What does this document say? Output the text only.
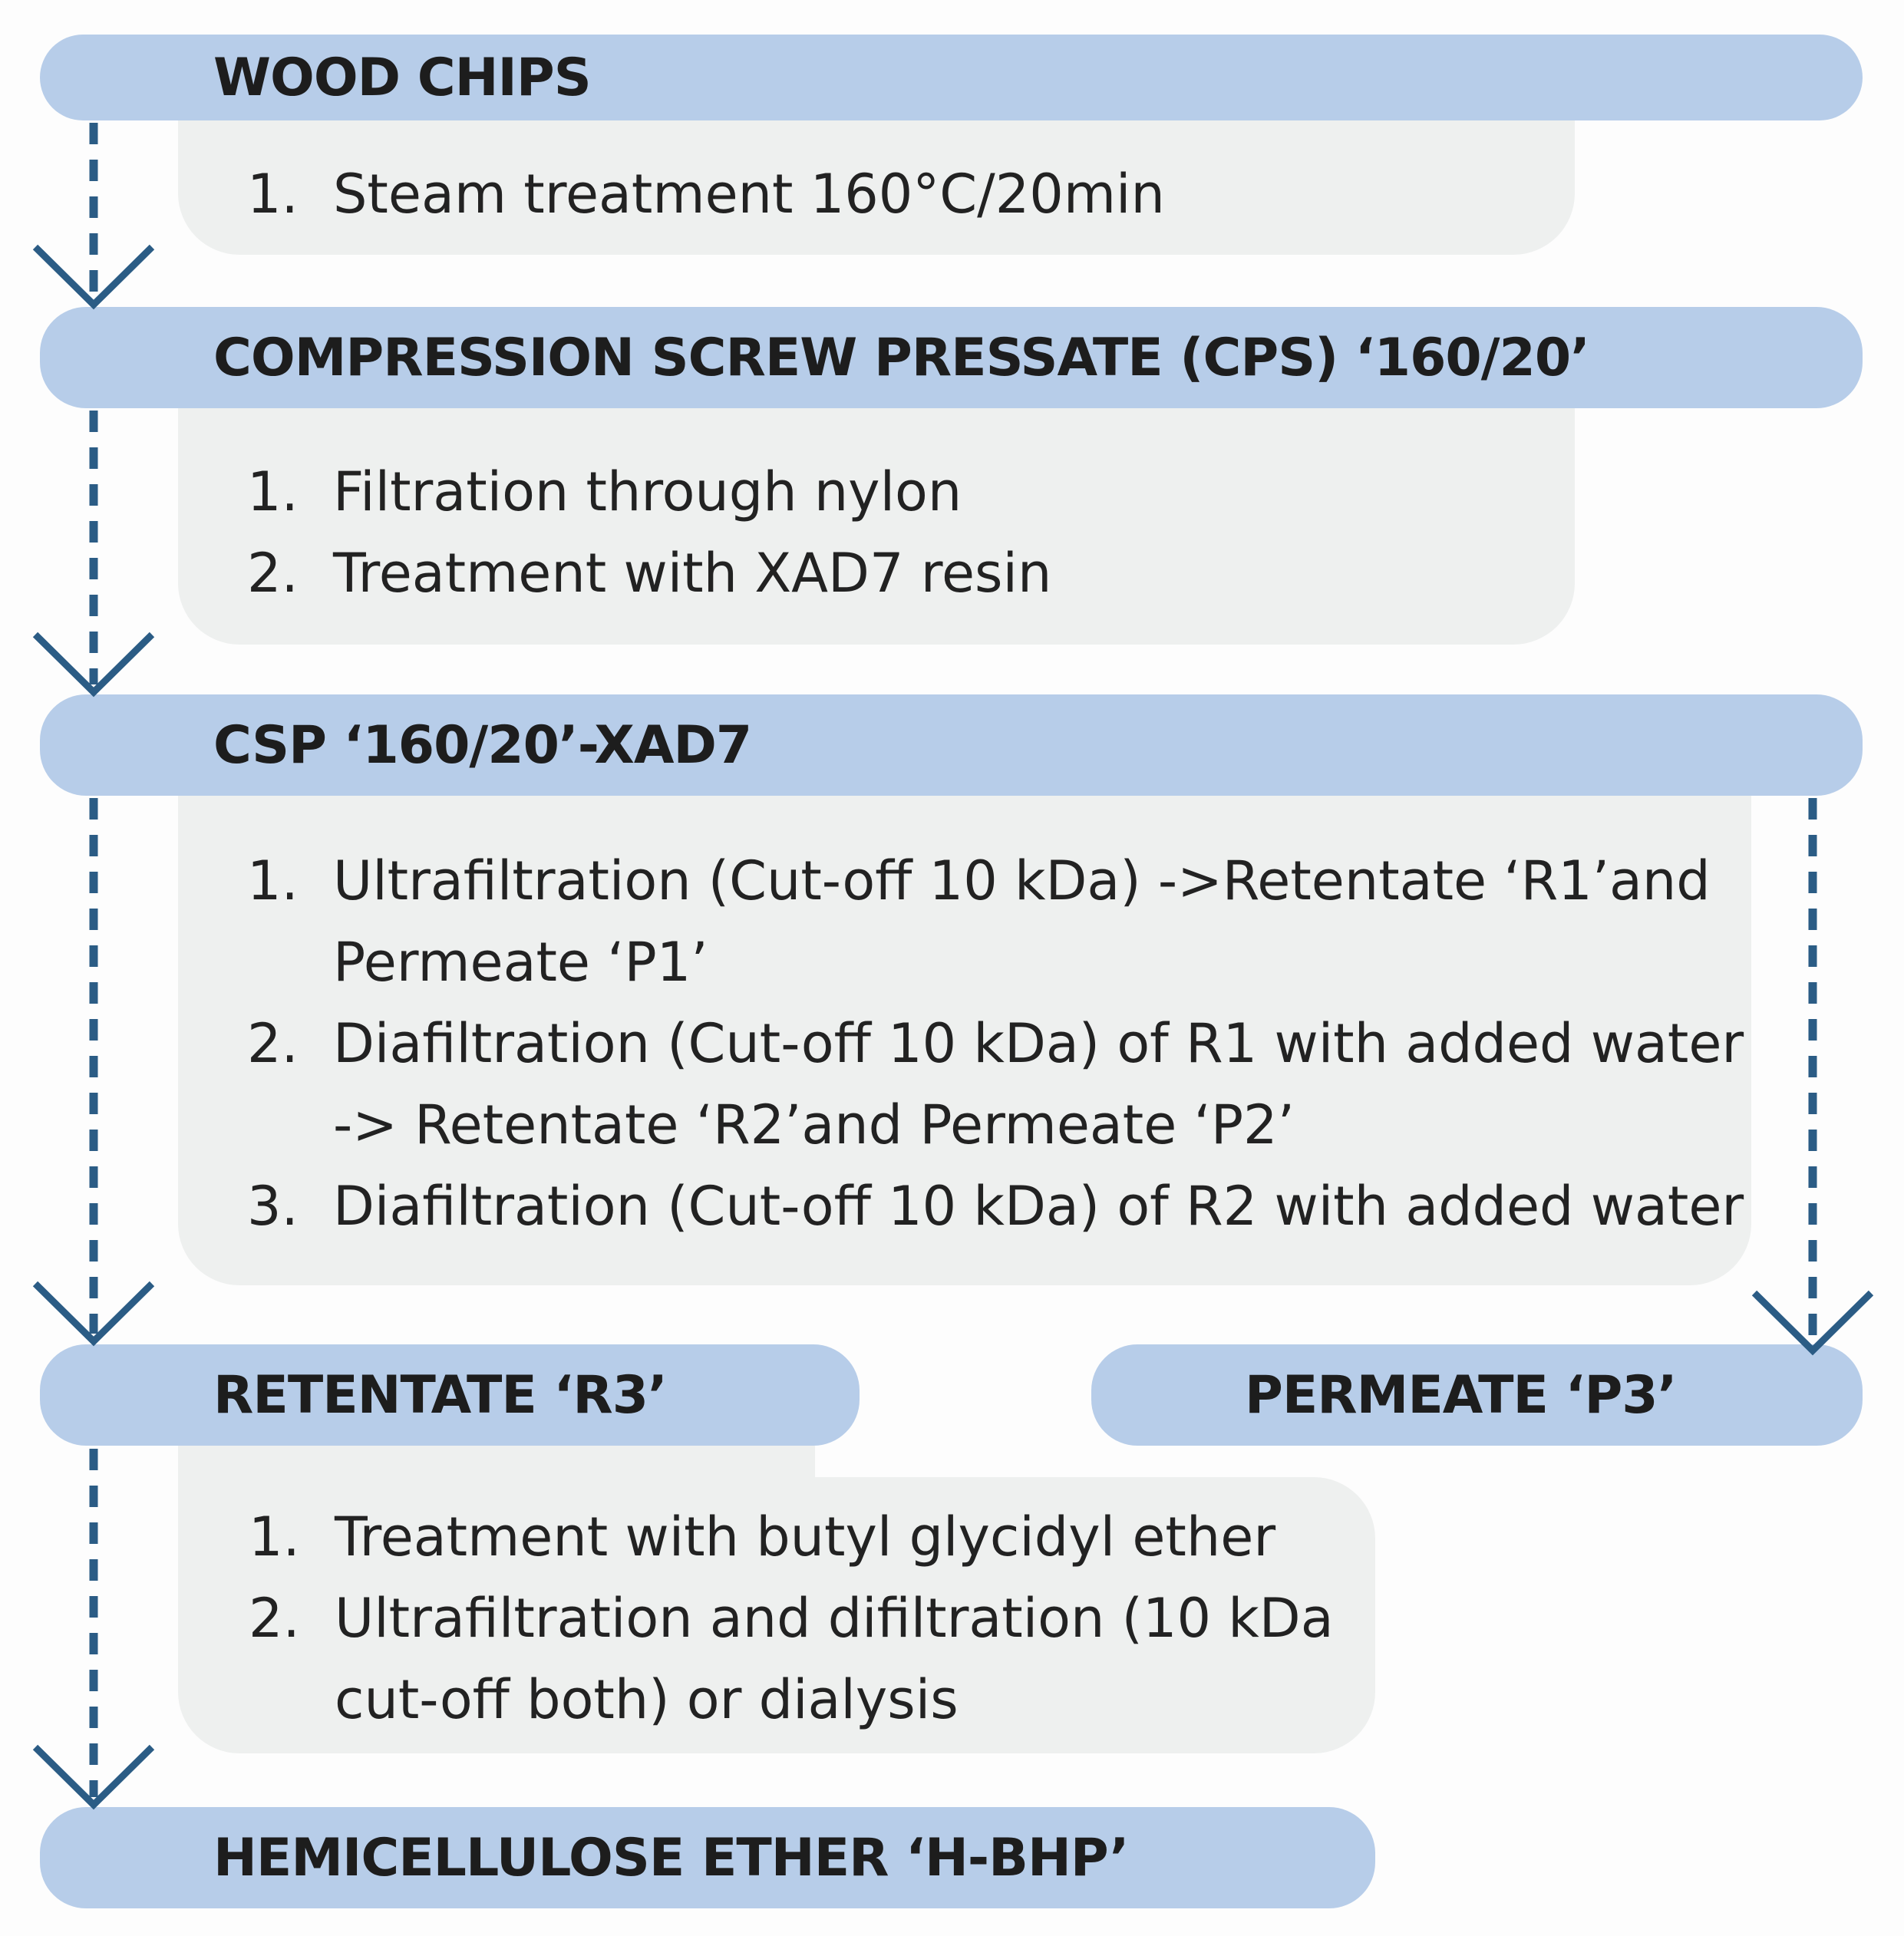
1. Steam treatment 160°C/20min
1. Filtration through nylon
2. Treatment with XAD7 resin
1. Ultrafiltration (Cut-off 10 kDa) ->Retentate ‘R1’and
Permeate ‘P1’
2. Diafiltration (Cut-off 10 kDa) of R1 with added water
-> Retentate ‘R2’and Permeate ‘P2’
3. Diafiltration (Cut-off 10 kDa) of R2 with added water
1. Treatment with butyl glycidyl ether
2. Ultrafiltration and difiltration (10 kDa
cut-off both) or dialysis
WOOD CHIPS
COMPRESSION SCREW PRESSATE (CPS) ‘160/20’
CSP ‘160/20’-XAD7
RETENTATE ‘R3’	PERMEATE ‘P3’
HEMICELLULOSE ETHER ‘H-BHP’
